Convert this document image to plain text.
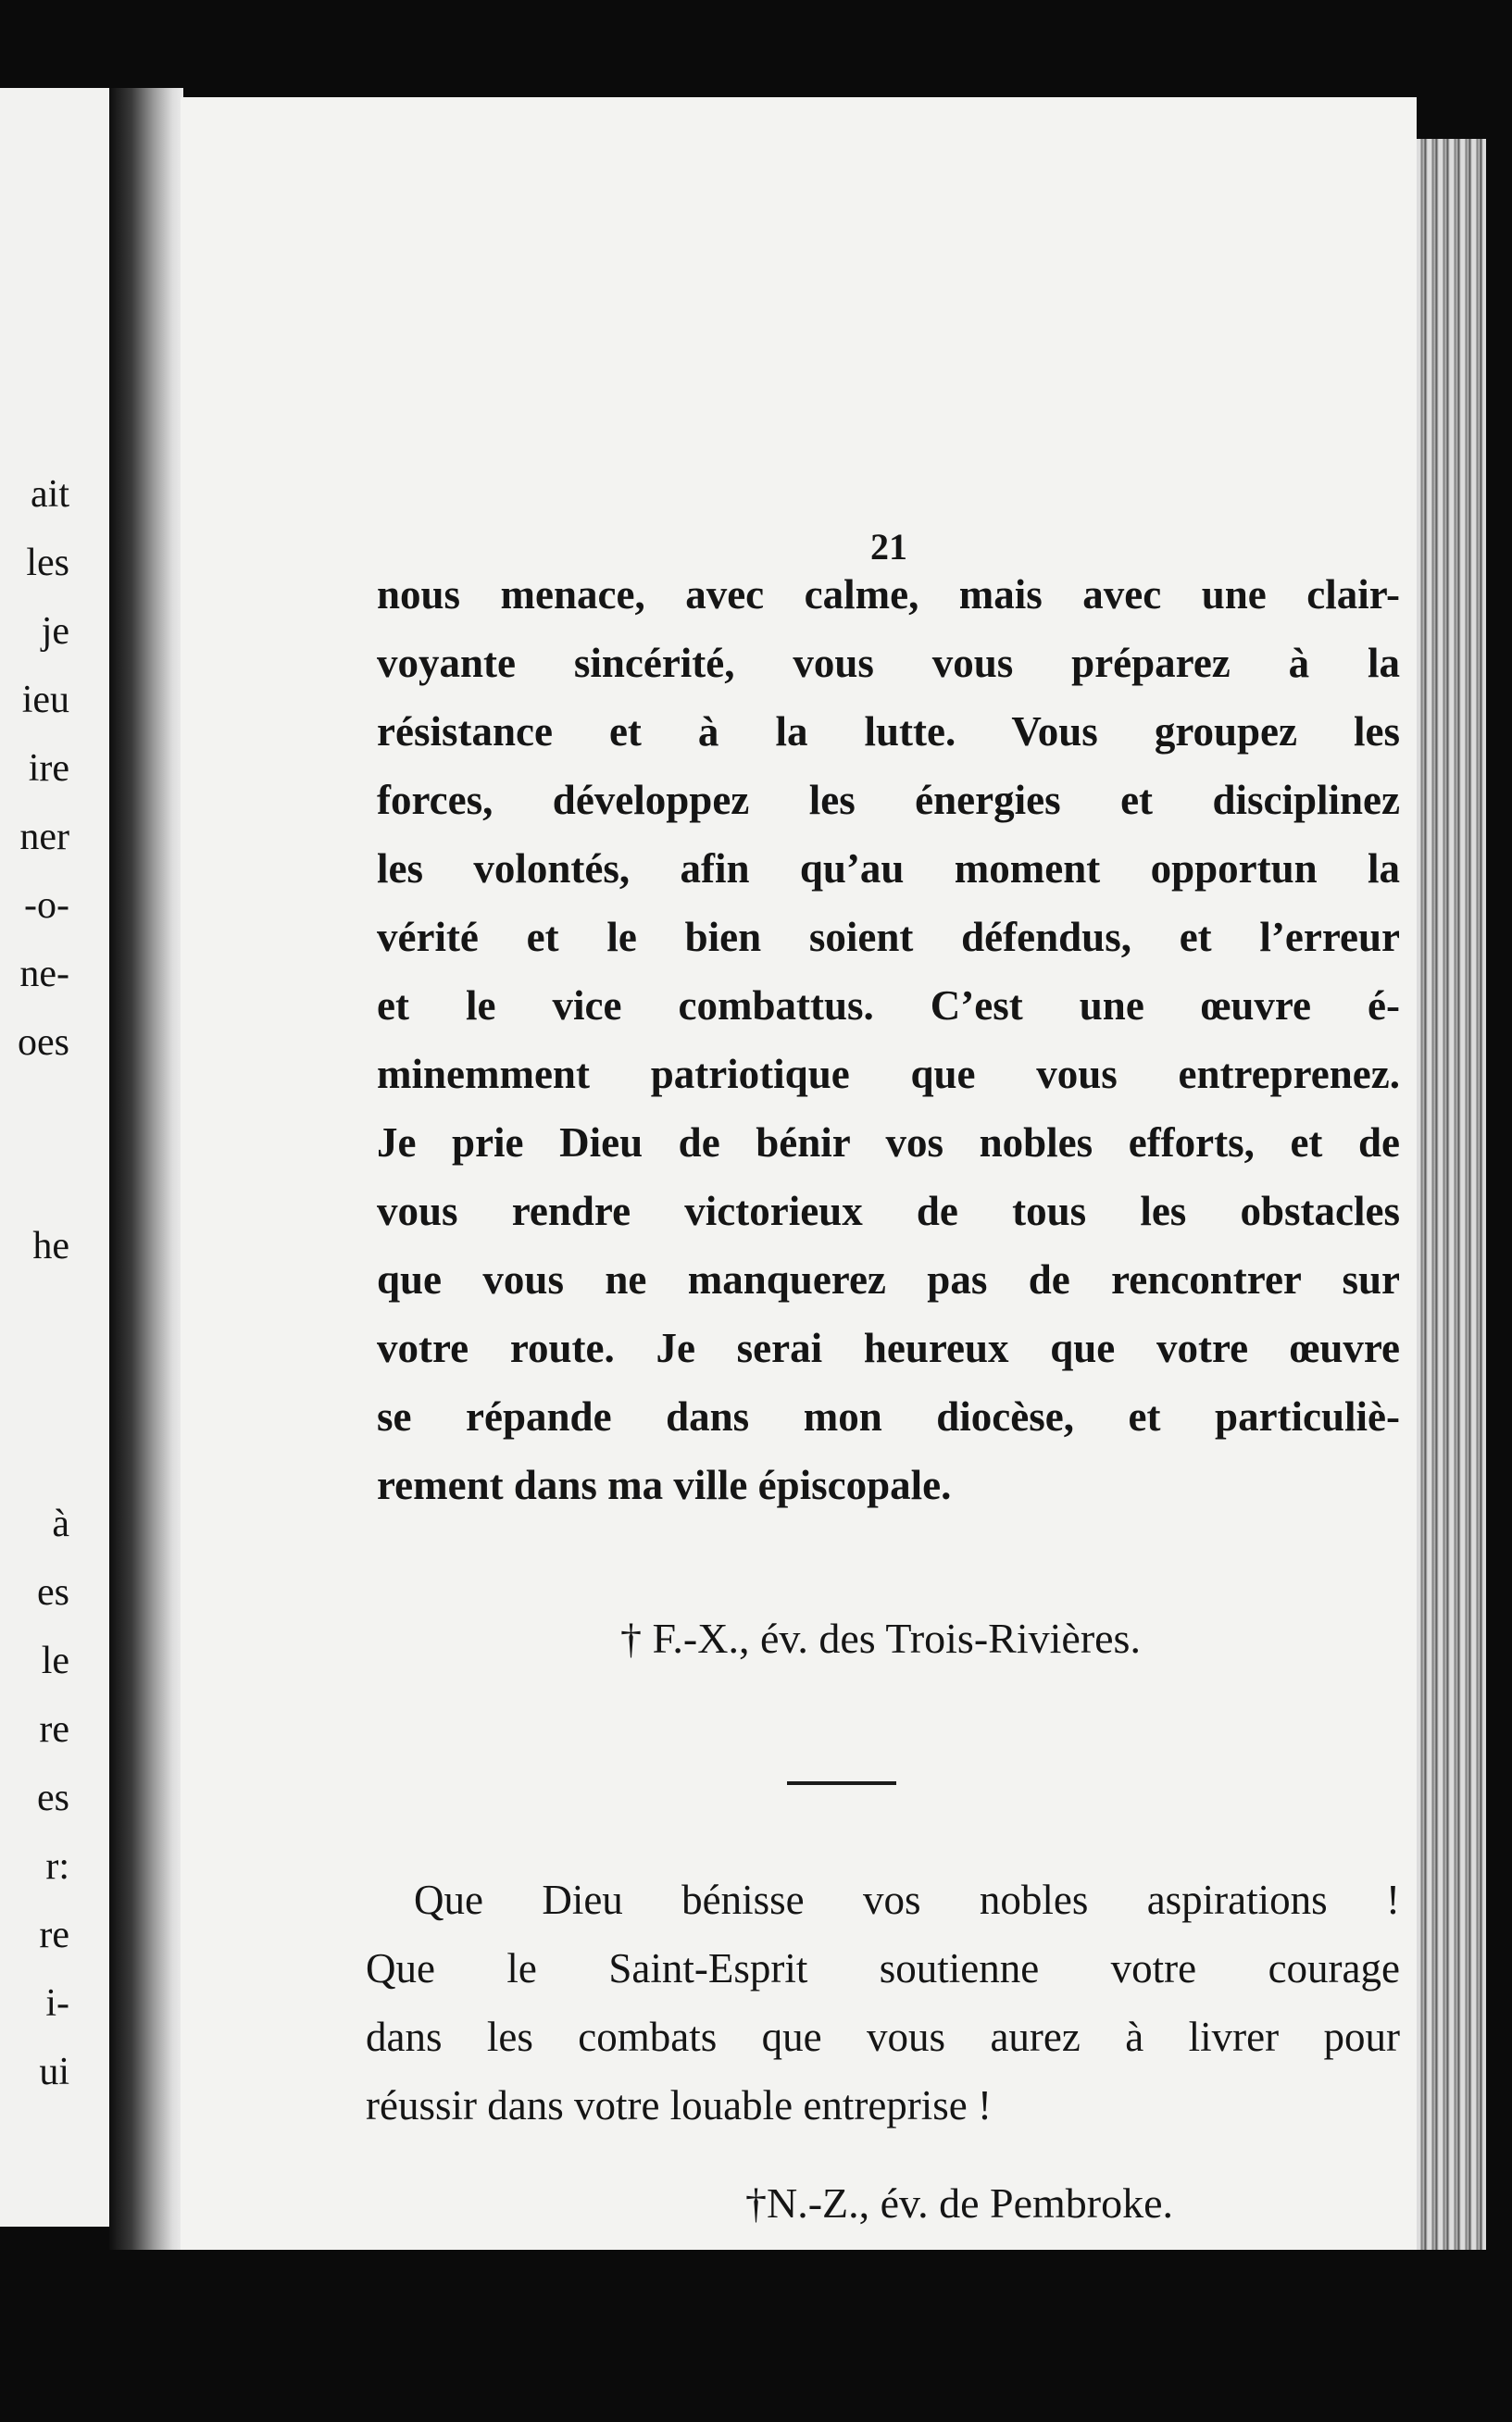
ait
les
je
ieu
ire
ner
-o-
ne-
oes
he
à
es
le
re
es
r:
re
i-
ui
21
nous menace, avec calme, mais avec une clair-
voyante sincérité, vous vous préparez à la
résistance et à la lutte. Vous groupez les
forces, développez les énergies et disciplinez
les volontés, afin qu’au moment opportun la
vérité et le bien soient défendus, et l’erreur
et le vice combattus. C’est une œuvre é-
minemment patriotique que vous entreprenez.
Je prie Dieu de bénir vos nobles efforts, et de
vous rendre victorieux de tous les obstacles
que vous ne manquerez pas de rencontrer sur
votre route. Je serai heureux que votre œuvre
se répande dans mon diocèse, et particuliè-
rement dans ma ville épiscopale.
† F.-X., év. des Trois-Rivières.
Que Dieu bénisse vos nobles aspirations !
Que le Saint-Esprit soutienne votre courage
dans les combats que vous aurez à livrer pour
réussir dans votre louable entreprise !
†N.-Z., év. de Pembroke.
